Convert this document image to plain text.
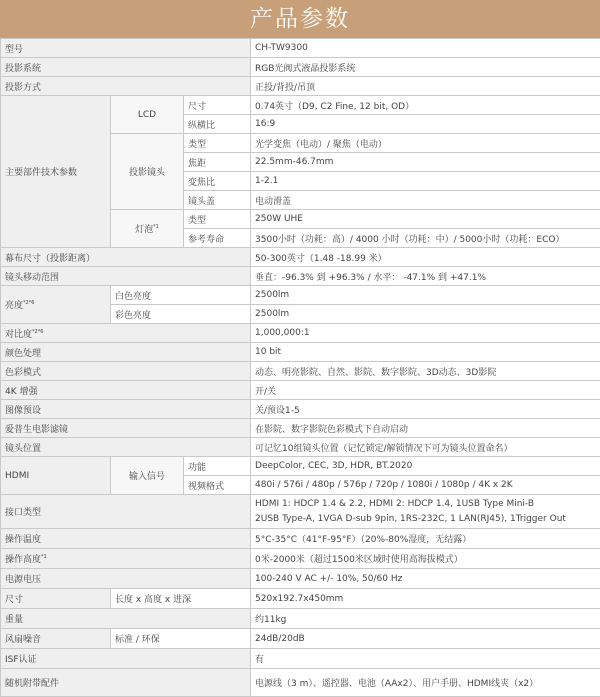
产品参数
型号			CH-TW9300
投影系统			RGB光阀式液晶投影系统
投影方式			正投/背投/吊顶
主要部件技术参数	LCD	尺寸	0.74英寸（D9, C2 Fine, 12 bit, OD）
		纵横比	16:9
	投影镜头	类型	光学变焦（电动）/ 聚焦（电动）
		焦距	22.5mm-46.7mm
		变焦比	1-2.1
		镜头盖	电动滑盖
	灯泡$^{*1}$	类型	250W UHE
		参考寿命	3500小时（功耗：高）/ 4000 小时（功耗：中）/ 5000小时（功耗：ECO）
幕布尺寸（投影距离）			50-300英寸（1.48 -18.99 米）
镜头移动范围			垂直：-96.3% 到 +96.3% / 水平： -47.1% 到 +47.1%
亮度$^{*2*6}$	白色亮度		2500lm
	彩色亮度		2500lm
对比度$^{*2*6}$			1,000,000:1
颜色处理			10 bit
色彩模式			动态、明亮影院、自然、影院、数字影院、3D动态、3D影院
4K 增强			开/关
图像预设			关/预设1-5
爱普生电影滤镜			在影院、数字影院色彩模式下自动启动
镜头位置			可记忆10组镜头位置（记忆锁定/解锁情况下可为镜头位置命名）
HDMI	输入信号	功能	DeepColor, CEC, 3D, HDR, BT.2020
		视频格式	480i / 576i / 480p / 576p / 720p / 1080i / 1080p / 4K x 2K
接口类型			HDMI 1: HDCP 1.4 & 2.2, HDMI 2: HDCP 1.4, 1USB Type Mini-B
2USB Type-A, 1VGA D-sub 9pin, 1RS-232C, 1 LAN(RJ45), 1Trigger Out

操作温度			5°C-35°C（41°F-95°F）（20%-80%湿度，无结露）
操作高度$^{*1}$			0米-2000米（超过1500米区域时使用高海拔模式）
电源电压			100-240 V AC +/- 10%, 50/60 Hz
尺寸	长度 x 高度 x 进深		520x192.7x450mm
重量			约11kg
风扇噪音	标准 / 环保		24dB/20dB
ISF认证			有
随机附带配件			电源线（3 m）、遥控器、电池（AAx2）、用户手册、HDMI线夹（x2）
